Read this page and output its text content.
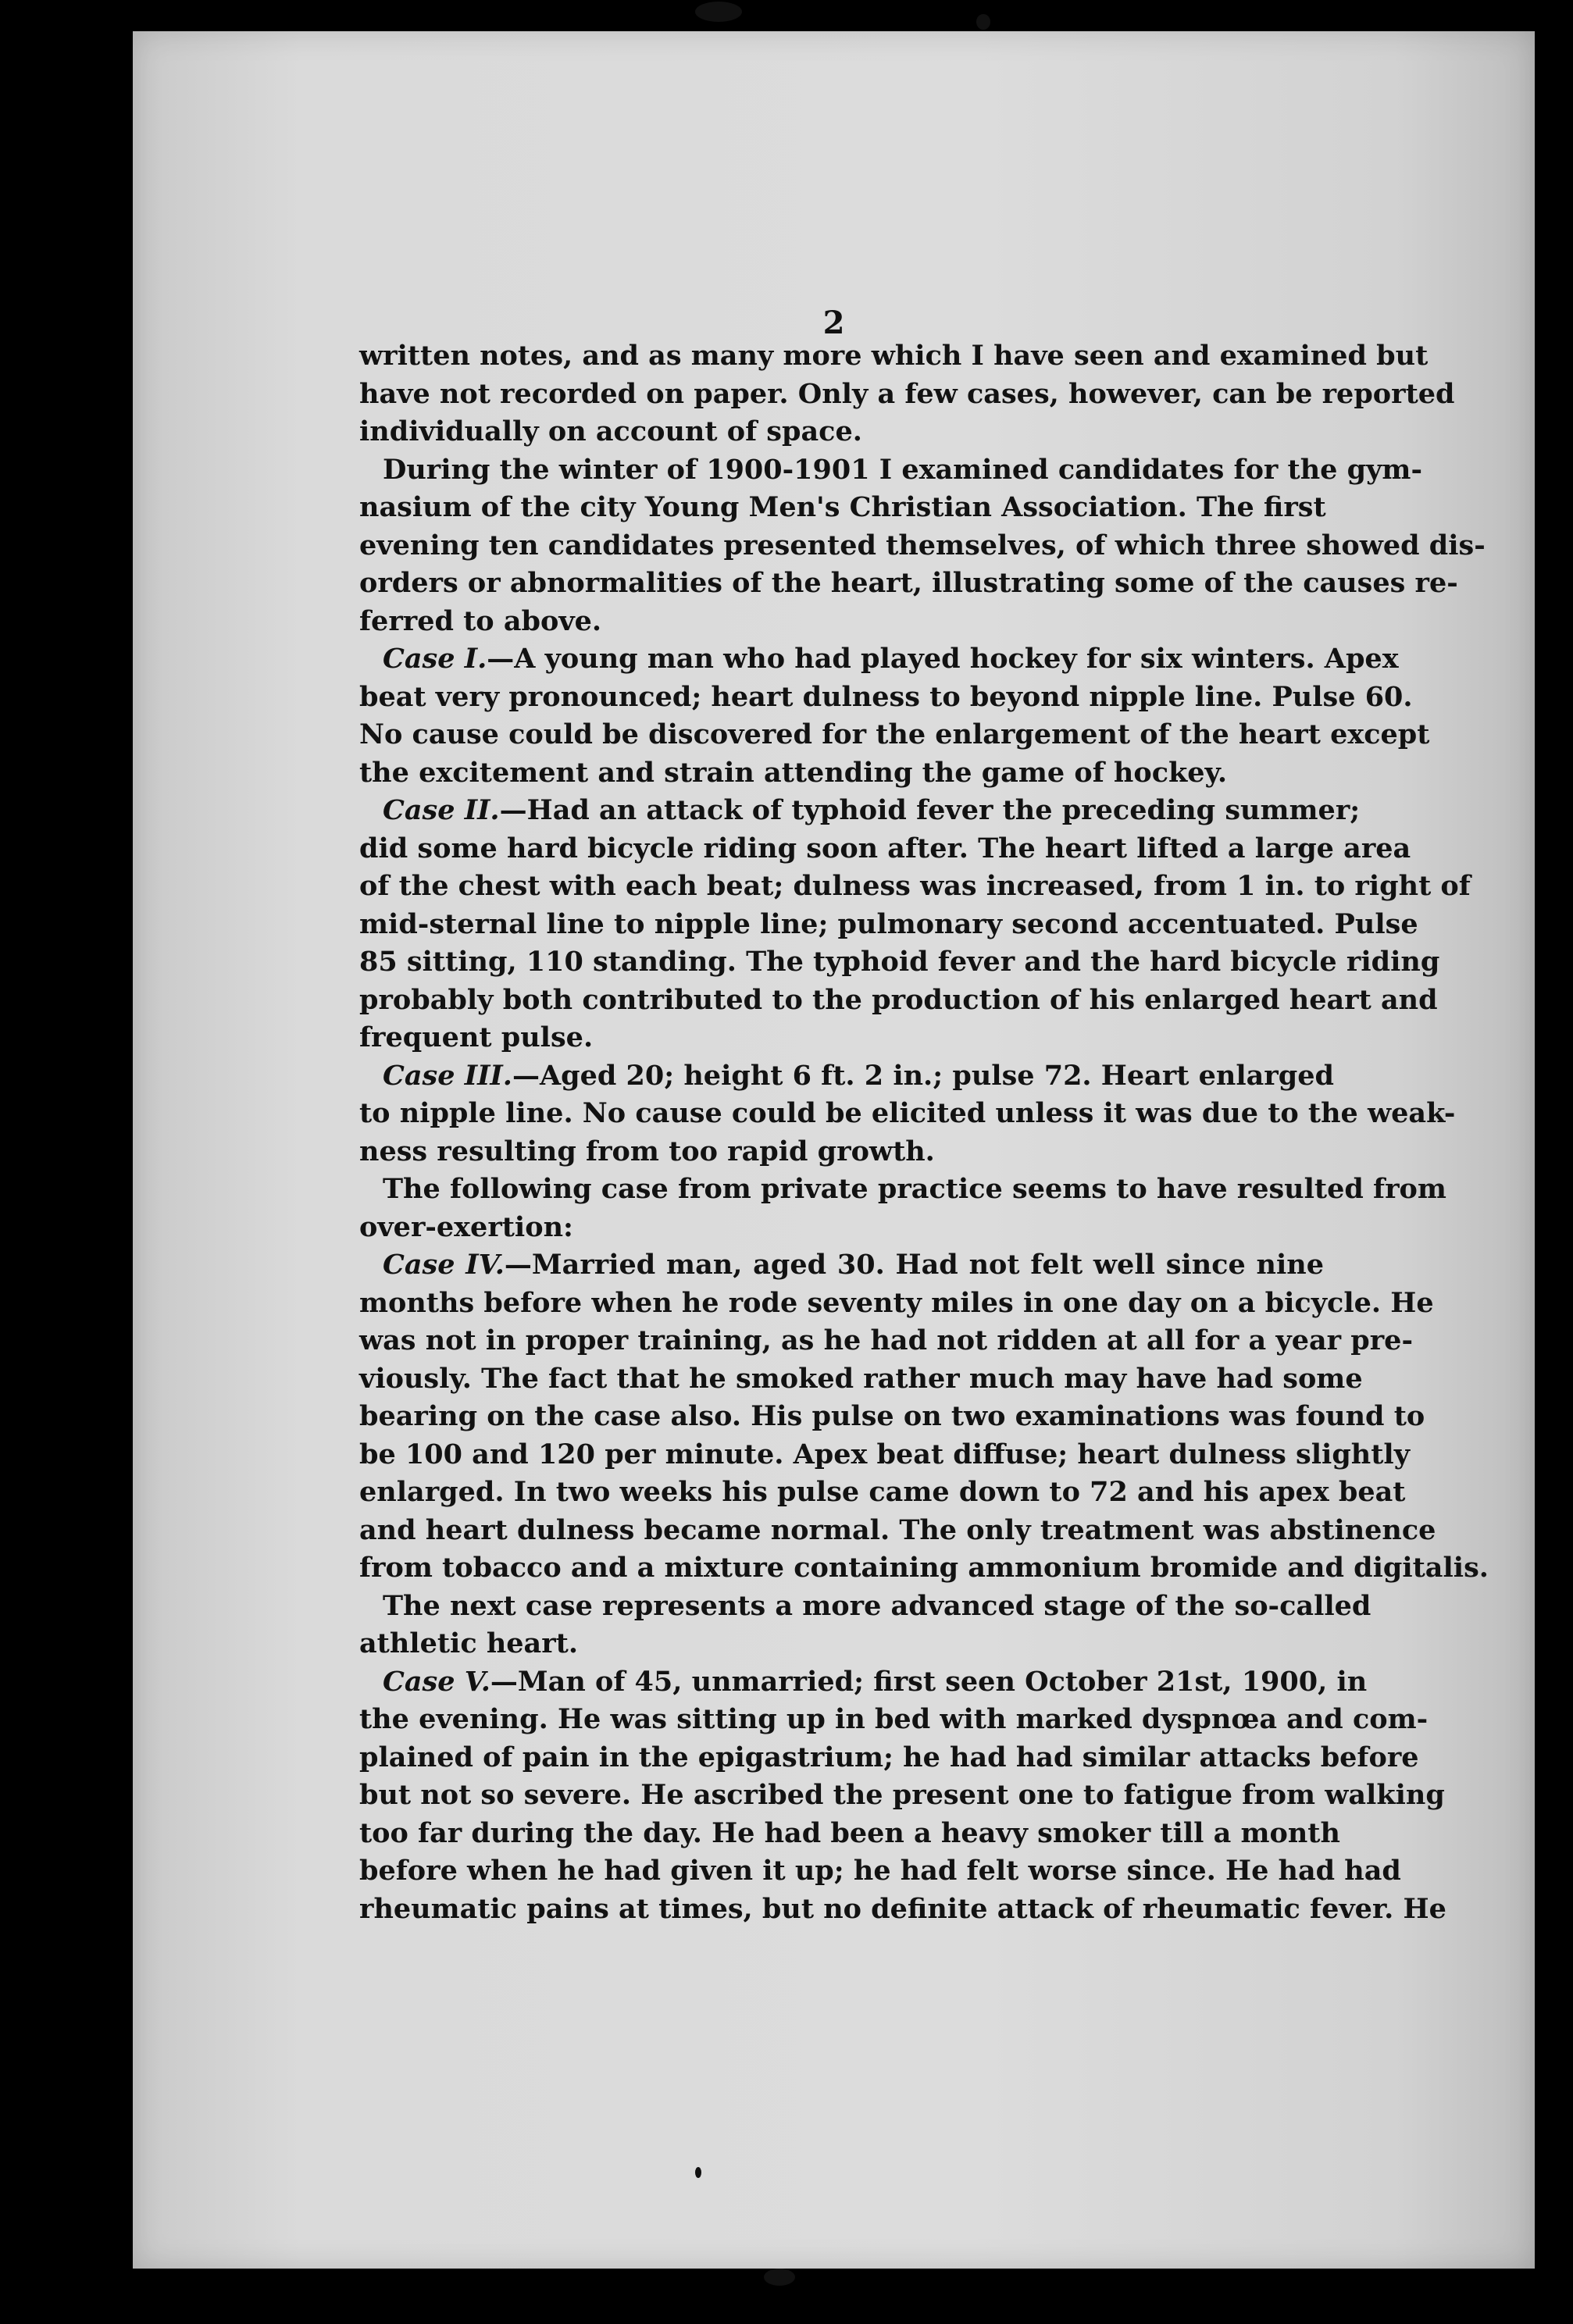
2
written notes, and as many more which I have seen and examined but
have not recorded on paper. Only a few cases, however, can be reported
individually on account of space.
During the winter of 1900-1901 I examined candidates for the gym-
nasium of the city Young Men's Christian Association. The first
evening ten candidates presented themselves, of which three showed dis-
orders or abnormalities of the heart, illustrating some of the causes re-
ferred to above.
Case I.—A young man who had played hockey for six winters. Apex
beat very pronounced; heart dulness to beyond nipple line. Pulse 60.
No cause could be discovered for the enlargement of the heart except
the excitement and strain attending the game of hockey.
Case II.—Had an attack of typhoid fever the preceding summer;
did some hard bicycle riding soon after. The heart lifted a large area
of the chest with each beat; dulness was increased, from 1 in. to right of
mid-sternal line to nipple line; pulmonary second accentuated. Pulse
85 sitting, 110 standing. The typhoid fever and the hard bicycle riding
probably both contributed to the production of his enlarged heart and
frequent pulse.
Case III.—Aged 20; height 6 ft. 2 in.; pulse 72. Heart enlarged
to nipple line. No cause could be elicited unless it was due to the weak-
ness resulting from too rapid growth.
The following case from private practice seems to have resulted from
over-exertion:
Case IV.—Married man, aged 30. Had not felt well since nine
months before when he rode seventy miles in one day on a bicycle. He
was not in proper training, as he had not ridden at all for a year pre-
viously. The fact that he smoked rather much may have had some
bearing on the case also. His pulse on two examinations was found to
be 100 and 120 per minute. Apex beat diffuse; heart dulness slightly
enlarged. In two weeks his pulse came down to 72 and his apex beat
and heart dulness became normal. The only treatment was abstinence
from tobacco and a mixture containing ammonium bromide and digitalis.
The next case represents a more advanced stage of the so-called
athletic heart.
Case V.—Man of 45, unmarried; first seen October 21st, 1900, in
the evening. He was sitting up in bed with marked dyspnœa and com-
plained of pain in the epigastrium; he had had similar attacks before
but not so severe. He ascribed the present one to fatigue from walking
too far during the day. He had been a heavy smoker till a month
before when he had given it up; he had felt worse since. He had had
rheumatic pains at times, but no definite attack of rheumatic fever. He
